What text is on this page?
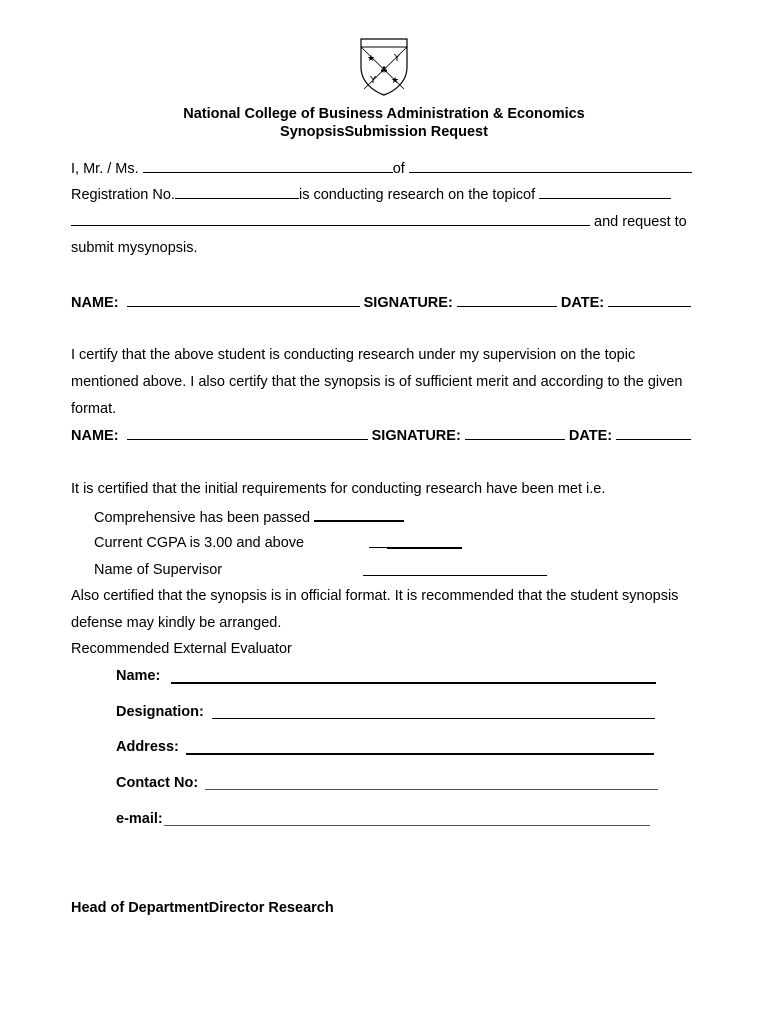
★ Y
♣
Y ★
National College of Business Administration & Economics
SynopsisSubmission Request
I, Mr. / Ms.	of
Registration No.	is conducting research on the topicof
and request to
submit mysynopsis.
NAME:	SIGNATURE:	DATE:
I certify that the above student is conducting research under my supervision on the topic
mentioned above. I also certify that the synopsis is of sufficient merit and according to the given
format.
NAME:	SIGNATURE:	DATE:
It is certified that the initial requirements for conducting research have been met i.e.
Comprehensive has been passed
Current CGPA is 3.00 and above
Name of Supervisor
Also certified that the synopsis is in official format. It is recommended that the student synopsis
defense may kindly be arranged.
Recommended External Evaluator
Name:
Designation:
Address:
Contact No:
e-mail:
Head of DepartmentDirector Research
